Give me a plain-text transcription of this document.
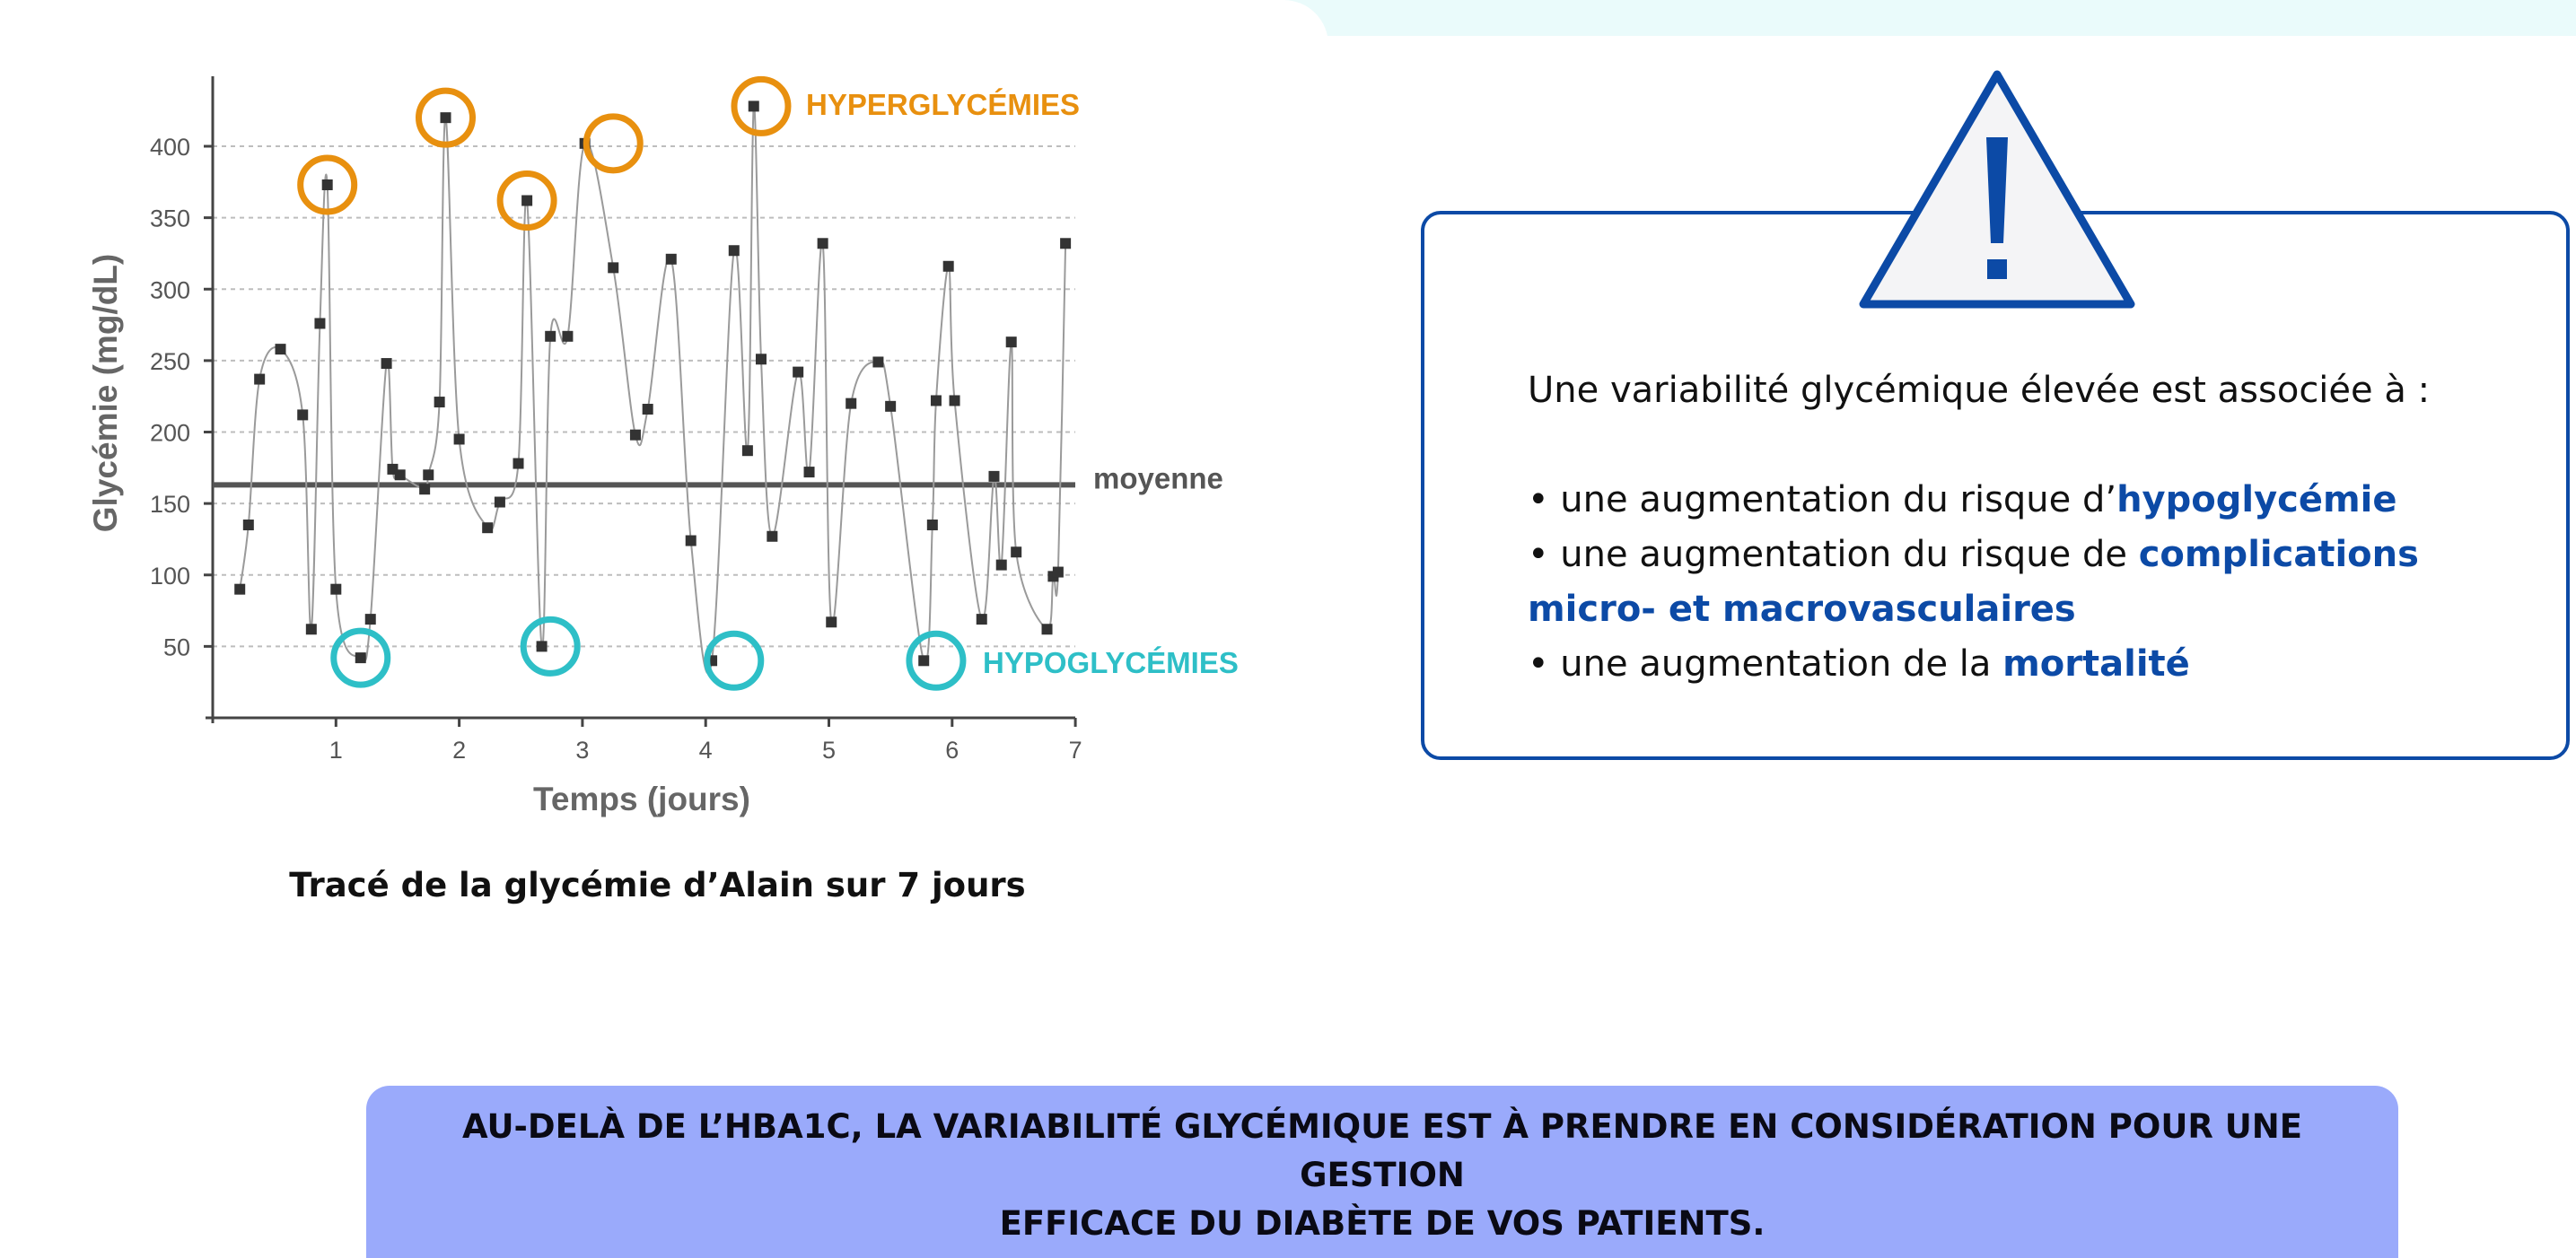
50
100
150
200
250
300
350
400
1	2	3	4	5	6	7
Glycémie (mg/dL)
Temps (jours)
HYPERGLYCÉMIES
HYPOGLYCÉMIES
moyenne
Tracé de la glycémie d’Alain sur 7 jours

Une variabilité glycémique élevée est associée à :

• une augmentation du risque d’hypoglycémie

• une augmentation du risque de complications

micro- et macrovasculaires

• une augmentation de la mortalité

AU-DELÀ DE L’HBA1C, LA VARIABILITÉ GLYCÉMIQUE EST À PRENDRE EN CONSIDÉRATION POUR UNE GESTION
EFFICACE DU DIABÈTE DE VOS PATIENTS.
